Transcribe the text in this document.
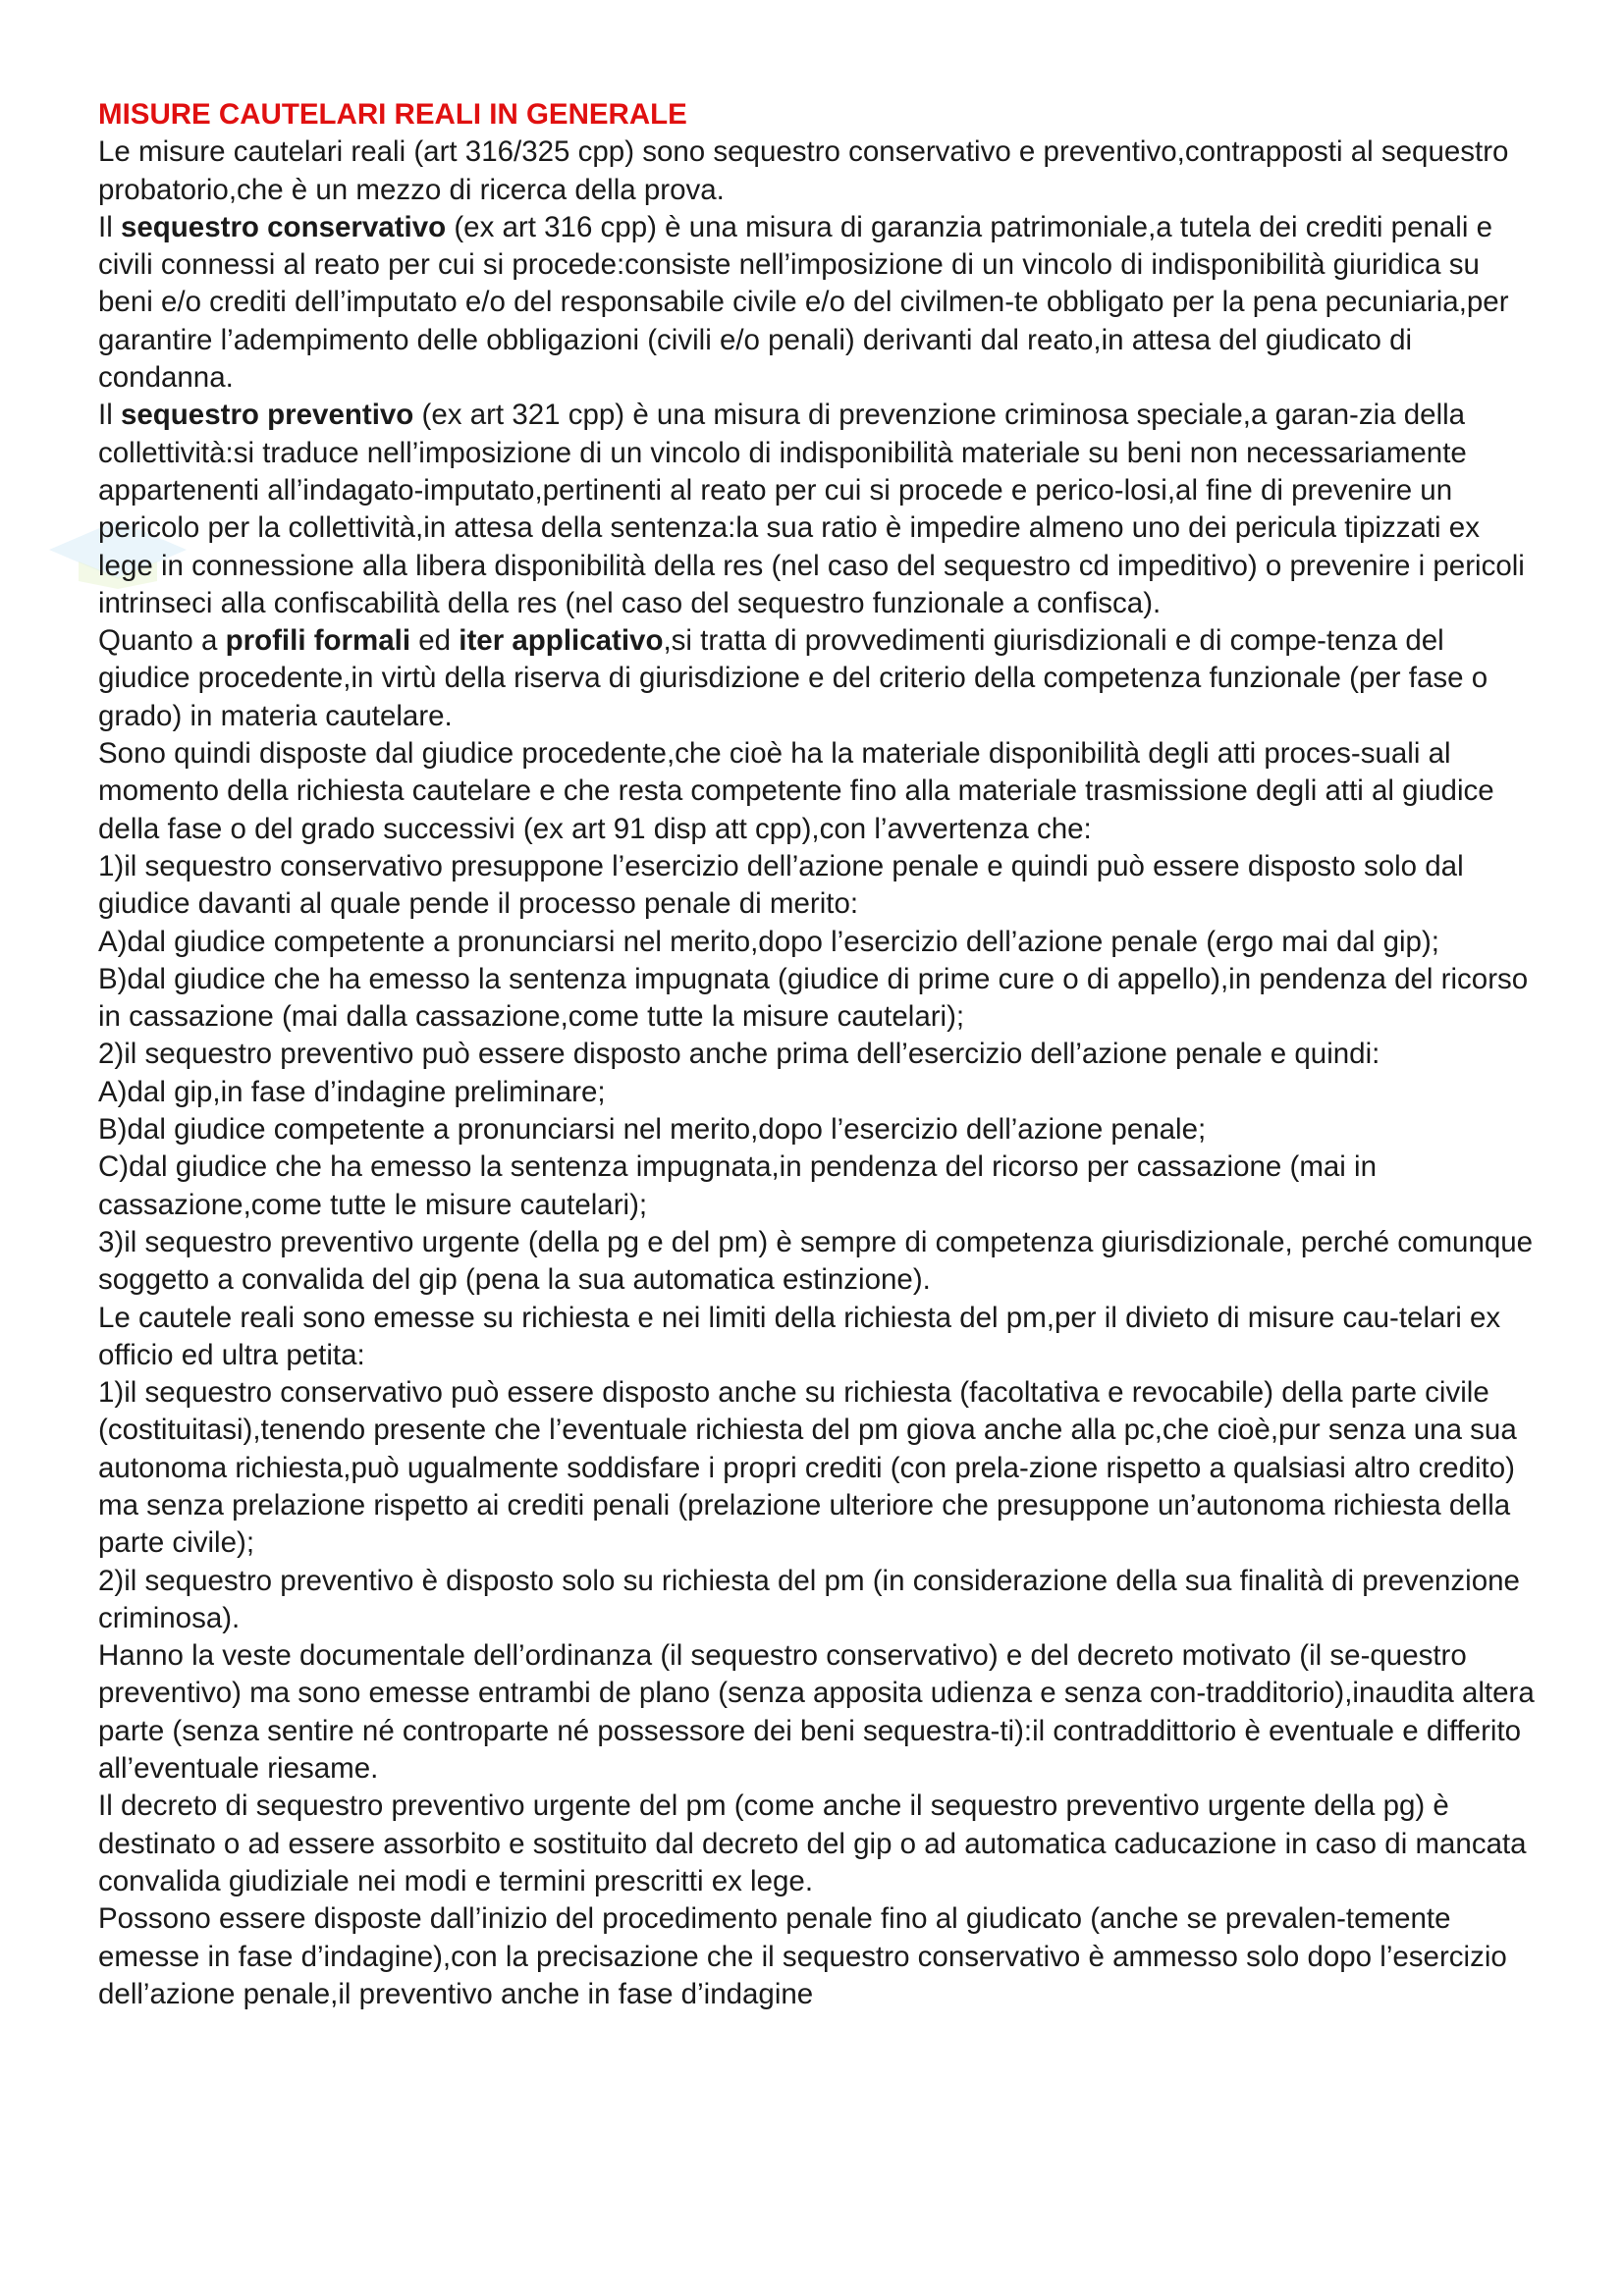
MISURE CAUTELARI REALI IN GENERALE

Le misure cautelari reali (art 316/325 cpp) sono sequestro conservativo e preventivo,contrapposti al sequestro probatorio,che è un mezzo di ricerca della prova.

Il sequestro conservativo (ex art 316 cpp) è una misura di garanzia patrimoniale,a tutela dei crediti penali e civili connessi al reato per cui si procede:consiste nell’imposizione di un vincolo di indisponibilità giuridica su beni e/o crediti dell’imputato e/o del responsabile civile e/o del civilmen-te obbligato per la pena pecuniaria,per garantire l’adempimento delle obbligazioni (civili e/o penali) derivanti dal reato,in attesa del giudicato di condanna.

Il sequestro preventivo (ex art 321 cpp) è una misura di prevenzione criminosa speciale,a garan-zia della collettività:si traduce nell’imposizione di un vincolo di indisponibilità materiale su beni non necessariamente appartenenti all’indagato-imputato,pertinenti al reato per cui si procede e perico-losi,al fine di prevenire un pericolo per la collettività,in attesa della sentenza:la sua ratio è impedire almeno uno dei pericula tipizzati ex lege in connessione alla libera disponibilità della res (nel caso del sequestro cd impeditivo) o prevenire i pericoli intrinseci alla confiscabilità della res (nel caso del sequestro funzionale a confisca).

Quanto a profili formali ed iter applicativo,si tratta di provvedimenti giurisdizionali e di compe-tenza del giudice procedente,in virtù della riserva di giurisdizione e del criterio della competenza funzionale (per fase o grado) in materia cautelare.

Sono quindi disposte dal giudice procedente,che cioè ha la materiale disponibilità degli atti proces-suali al momento della richiesta cautelare e che resta competente fino alla materiale trasmissione degli atti al giudice della fase o del grado successivi (ex art 91 disp att cpp),con l’avvertenza che:

1)il sequestro conservativo presuppone l’esercizio dell’azione penale e quindi può essere disposto solo dal giudice davanti al quale pende il processo penale di merito:

A)dal giudice competente a pronunciarsi nel merito,dopo l’esercizio dell’azione penale (ergo mai dal gip);

B)dal giudice che ha emesso la sentenza impugnata (giudice di prime cure o di appello),in pendenza del ricorso in cassazione (mai dalla cassazione,come tutte la misure cautelari);

2)il sequestro preventivo può essere disposto anche prima dell’esercizio dell’azione penale e quindi:

A)dal gip,in fase d’indagine preliminare;

B)dal giudice competente a pronunciarsi nel merito,dopo l’esercizio dell’azione penale;

C)dal giudice che ha emesso la sentenza impugnata,in pendenza del ricorso per cassazione (mai in cassazione,come tutte le misure cautelari);

3)il sequestro preventivo urgente (della pg e del pm) è sempre di competenza giurisdizionale, perché comunque soggetto a convalida del gip (pena la sua automatica estinzione).

Le cautele reali sono emesse su richiesta e nei limiti della richiesta del pm,per il divieto di misure cau-telari ex officio ed ultra petita:

1)il sequestro conservativo può essere disposto anche su richiesta (facoltativa e revocabile) della parte civile (costituitasi),tenendo presente che l’eventuale richiesta del pm giova anche alla pc,che cioè,pur senza una sua autonoma richiesta,può ugualmente soddisfare i propri crediti (con prela-zione rispetto a qualsiasi altro credito) ma senza prelazione rispetto ai crediti penali (prelazione ulteriore che presuppone un’autonoma richiesta della parte civile);

2)il sequestro preventivo è disposto solo su richiesta del pm (in considerazione della sua finalità di prevenzione criminosa).

Hanno la veste documentale dell’ordinanza (il sequestro conservativo) e del decreto motivato (il se-questro preventivo) ma sono emesse entrambi de plano (senza apposita udienza e senza con-tradditorio),inaudita altera parte (senza sentire né controparte né possessore dei beni sequestra-ti):il contraddittorio è eventuale e differito all’eventuale riesame.

Il decreto di sequestro preventivo urgente del pm (come anche il sequestro preventivo urgente della pg) è destinato o ad essere assorbito e sostituito dal decreto del gip o ad automatica caducazione in caso di mancata convalida giudiziale nei modi e termini prescritti ex lege.

Possono essere disposte dall’inizio del procedimento penale fino al giudicato (anche se prevalen-temente emesse in fase d’indagine),con la precisazione che il sequestro conservativo è ammesso solo dopo l’esercizio dell’azione penale,il preventivo anche in fase d’indagine
